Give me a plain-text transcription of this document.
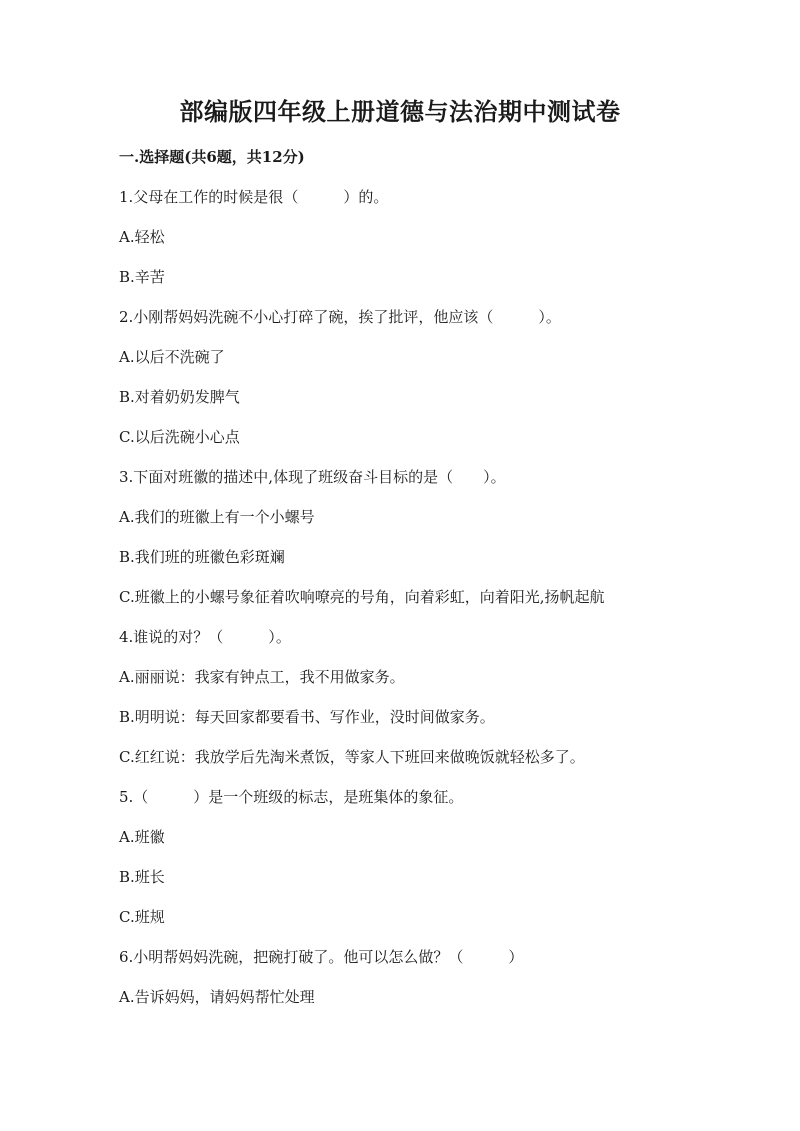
部编版四年级上册道德与法治期中测试卷
一.选择题(共6题，共12分)
1.父母在工作的时候是很（　　　）的。
A.轻松
B.辛苦
2.小刚帮妈妈洗碗不小心打碎了碗，挨了批评，他应该（　　　）。
A.以后不洗碗了
B.对着奶奶发脾气
C.以后洗碗小心点
3.下面对班徽的描述中,体现了班级奋斗目标的是（　　）。
A.我们的班徽上有一个小螺号
B.我们班的班徽色彩斑斓
C.班徽上的小螺号象征着吹响嘹亮的号角，向着彩虹，向着阳光,扬帆起航
4.谁说的对？（　　　）。
A.丽丽说：我家有钟点工，我不用做家务。
B.明明说：每天回家都要看书、写作业，没时间做家务。
C.红红说：我放学后先淘米煮饭，等家人下班回来做晚饭就轻松多了。
5.（　　　）是一个班级的标志，是班集体的象征。
A.班徽
B.班长
C.班规
6.小明帮妈妈洗碗，把碗打破了。他可以怎么做？（　　　）
A.告诉妈妈，请妈妈帮忙处理
